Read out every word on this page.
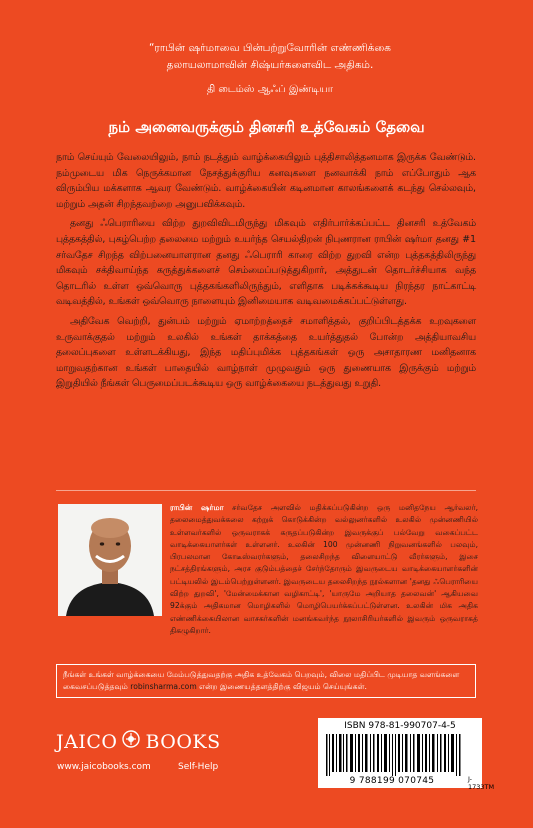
“ராபின் ஷர்மாவை பின்பற்றுவோரின் எண்ணிக்கை
தலாயலாமாவின் சிஷ்யர்களைவிட அதிகம்.
தி டைம்ஸ் ஆஃப் இண்டியா
நம் அனைவருக்கும் தினசரி உத்வேகம் தேவை

நாம் செய்யும் வேலையிலும், நாம் நடத்தும் வாழ்க்கையிலும் புத்திசாலித்தனமாக இருக்க வேண்டும். நம்முடைய மிக நெருக்கமான நேசத்துக்குரிய கனவுகளை நனவாக்கி நாம் எப்போதும் ஆக விரும்பிய மக்களாக ஆவர வேண்டும். வாழ்க்கையின் கடினமான காலங்களைக் கடந்து செல்லவும், மற்றும் அதன் சிறந்தவற்றை அனுபவிக்கவும்.

தனது ஃபெராரியை விற்ற துறவிவிடமிருந்து மிகவும் எதிர்பார்க்கப்பட்ட தினசரி உத்வேகம் புத்தகத்தில், புகழ்பெற்ற தலைமை மற்றும் உயர்ந்த செயல்திறன் நிபுணரான ராபின் ஷர்மா தனது #1 சர்வதேச சிறந்த விற்பனையாளரான தனது ஃபெராரி காரை விற்ற துறவி என்ற புத்தகத்திலிருந்து மிகவும் சக்திவாய்ந்த கருத்துக்களைச் செம்மைப்படுத்துகிறார், அத்துடன் தொடர்ச்சியாக வந்த தொடரில் உள்ள ஒவ்வொரு புத்தகங்களிலிருந்தும், எளிதாக படிக்கக்கூடிய நிரந்தர நாட்காட்டி வடிவத்தில், உங்கள் ஒவ்வொரு நாளையும் இனிமையாக வடிவமைக்கப்பட்டுள்ளது.

அதிவேக வெற்றி, துன்பம் மற்றும் ஏமாற்றத்தைச் சமாளித்தல், குறிப்பிடத்தக்க உறவுகளை உருவாக்குதல் மற்றும் உலகில் உங்கள் தாக்கத்தை உயர்த்துதல் போன்ற அத்தியாவசிய தலைப்புகளை உள்ளடக்கியது, இந்த மதிப்புமிக்க புத்தகங்கள் ஒரு அசாதாரண மனிதனாக மாறுவதற்கான உங்கள் பாதையில் வாழ்நாள் முழுவதும் ஒரு துணையாக இருக்கும் மற்றும் இறுதியில் நீங்கள் பெருமைப்படக்கூடிய ஒரு வாழ்க்கையை நடத்துவது உறுதி.

ராபின் ஷர்மா சர்வதேச அளவில் மதிக்கப்படுகின்ற ஒரு மனிதநேய ஆர்வலர், தலைமைத்துவக்கலை கற்றுக் கொடுக்கின்ற வல்லுனர்களில் உலகில் முன்னணியில் உள்ளவர்களில் ஒருவராகக் கருதப்படுகின்ற இவருக்குப் பல்வேறு வகைப்பட்ட வாடிக்கையாளர்கள் உள்ளனர். உலகின் 100 முன்னணி நிறுவனங்களில் பலவும், பிரபலமான கோடீஸ்வரர்களும், தலைசிறந்த விளையாட்டு வீரர்களும், இசை நட்சத்திரங்களும், அரச குடும்பத்தைச் சேர்ந்தோரும் இவருடைய வாடிக்கையாளர்களின் பட்டியலில் இடம்பெற்றுள்ளனர். இவருடைய தலைசிறந்த நூல்களான 'தனது ஃபெராரியை விற்ற துறவி', 'மேன்மைக்கான வழிகாட்டி', 'யாருமே அறியாத தலைவன்' ஆகியவை 92க்கும் அதிகமான மொழிகளில் மொழிபெயர்க்கப்பட்டுள்ளன. உலகின் மிக அதிக எண்ணிக்கையிலான வாசகர்களின் மனங்கவர்ந்த நூலாசிரியர்களில் இவரும் ஒருவராகத் திகழுகிறார்.
நீங்கள் உங்கள் வாழ்க்கையை மேம்படுத்துவதற்கு அதிக உத்வேகம் பெறவும், விலை மதிப்பிட முடியாத வளங்களை கைவசப்படுத்தவும் robinsharma.com என்ற இணையத்தளத்திற்கு விஜயம் செய்யுங்கள்.
JAICO BOOKS
www.jaicobooks.com	Self-Help
ISBN 978-81-990707-4-5
9 788199 070745	J-1733TM
